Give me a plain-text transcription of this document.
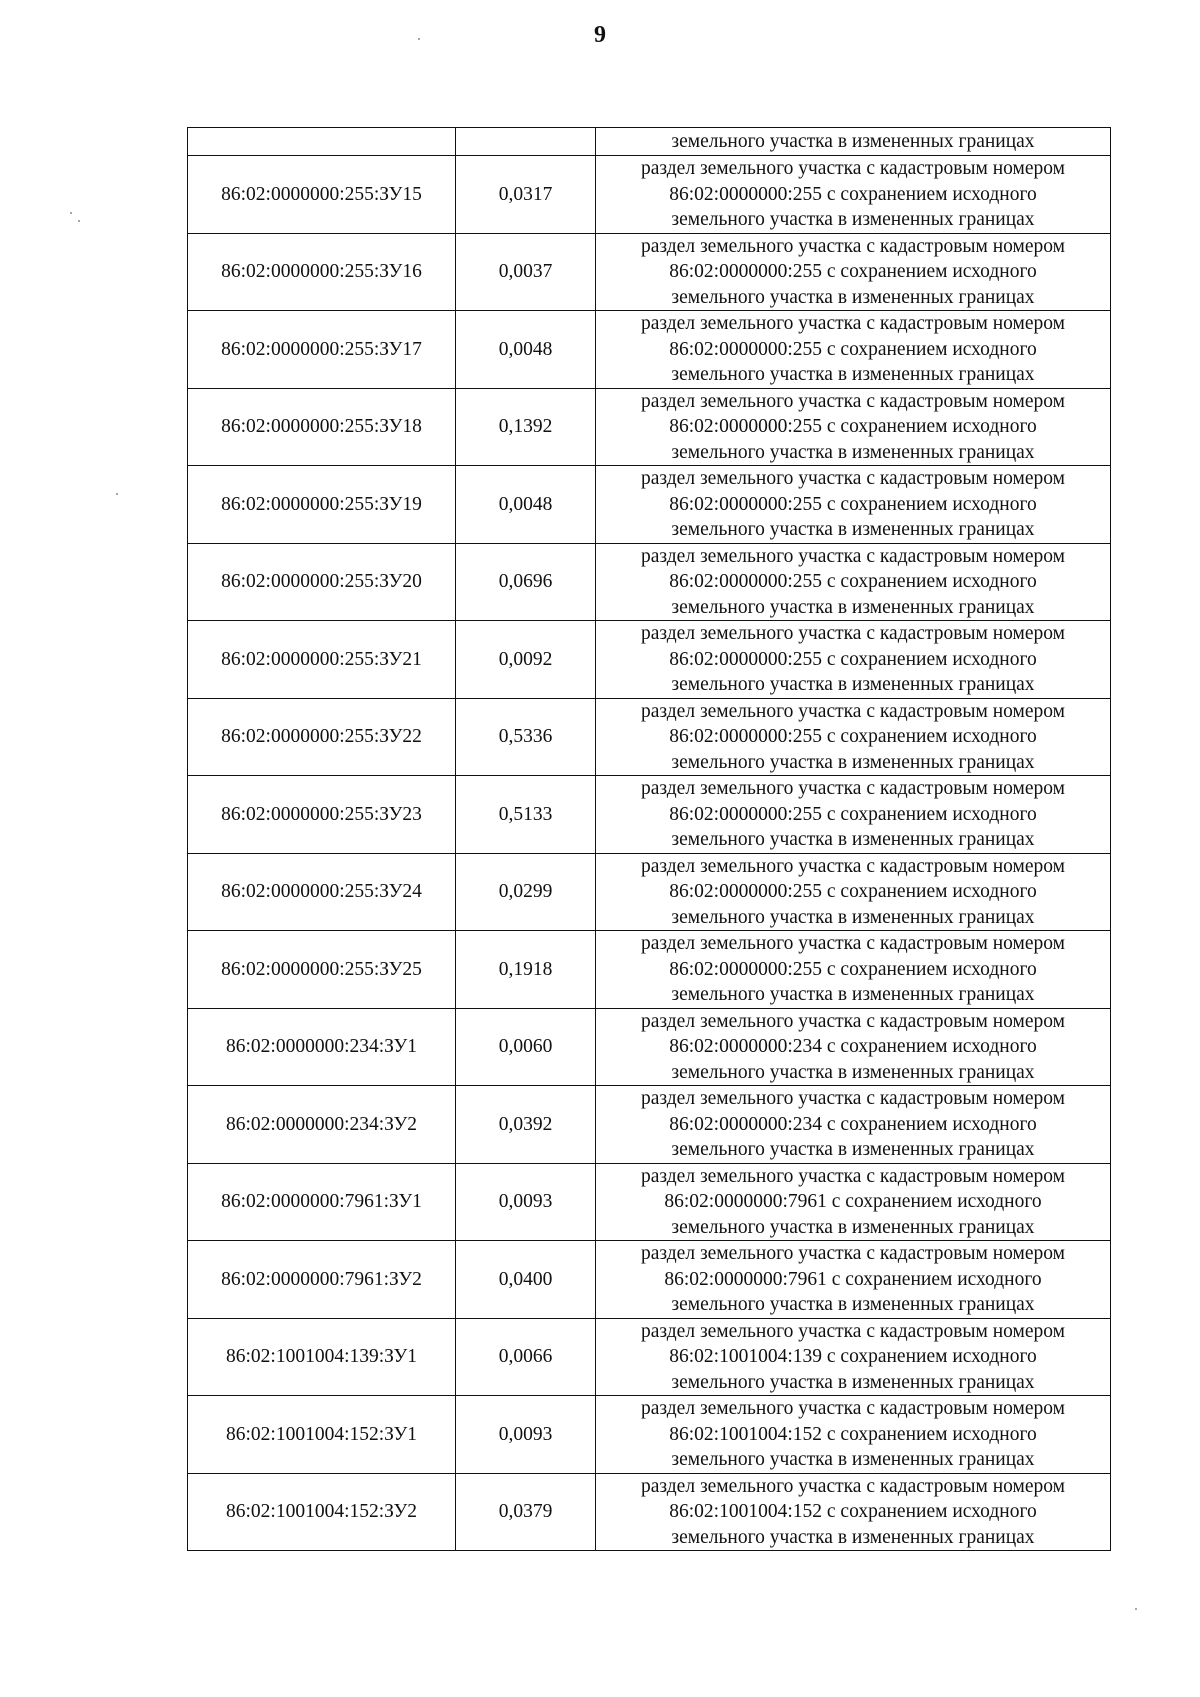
9
		земельного участка в измененных границах
86:02:0000000:255:ЗУ15	0,0317	раздел земельного участка с кадастровым номером
86:02:0000000:255 с сохранением исходного
земельного участка в измененных границах

86:02:0000000:255:ЗУ16	0,0037	раздел земельного участка с кадастровым номером
86:02:0000000:255 с сохранением исходного
земельного участка в измененных границах

86:02:0000000:255:ЗУ17	0,0048	раздел земельного участка с кадастровым номером
86:02:0000000:255 с сохранением исходного
земельного участка в измененных границах

86:02:0000000:255:ЗУ18	0,1392	раздел земельного участка с кадастровым номером
86:02:0000000:255 с сохранением исходного
земельного участка в измененных границах

86:02:0000000:255:ЗУ19	0,0048	раздел земельного участка с кадастровым номером
86:02:0000000:255 с сохранением исходного
земельного участка в измененных границах

86:02:0000000:255:ЗУ20	0,0696	раздел земельного участка с кадастровым номером
86:02:0000000:255 с сохранением исходного
земельного участка в измененных границах

86:02:0000000:255:ЗУ21	0,0092	раздел земельного участка с кадастровым номером
86:02:0000000:255 с сохранением исходного
земельного участка в измененных границах

86:02:0000000:255:ЗУ22	0,5336	раздел земельного участка с кадастровым номером
86:02:0000000:255 с сохранением исходного
земельного участка в измененных границах

86:02:0000000:255:ЗУ23	0,5133	раздел земельного участка с кадастровым номером
86:02:0000000:255 с сохранением исходного
земельного участка в измененных границах

86:02:0000000:255:ЗУ24	0,0299	раздел земельного участка с кадастровым номером
86:02:0000000:255 с сохранением исходного
земельного участка в измененных границах

86:02:0000000:255:ЗУ25	0,1918	раздел земельного участка с кадастровым номером
86:02:0000000:255 с сохранением исходного
земельного участка в измененных границах

86:02:0000000:234:ЗУ1	0,0060	раздел земельного участка с кадастровым номером
86:02:0000000:234 с сохранением исходного
земельного участка в измененных границах

86:02:0000000:234:ЗУ2	0,0392	раздел земельного участка с кадастровым номером
86:02:0000000:234 с сохранением исходного
земельного участка в измененных границах

86:02:0000000:7961:ЗУ1	0,0093	раздел земельного участка с кадастровым номером
86:02:0000000:7961 с сохранением исходного
земельного участка в измененных границах

86:02:0000000:7961:ЗУ2	0,0400	раздел земельного участка с кадастровым номером
86:02:0000000:7961 с сохранением исходного
земельного участка в измененных границах

86:02:1001004:139:ЗУ1	0,0066	раздел земельного участка с кадастровым номером
86:02:1001004:139 с сохранением исходного
земельного участка в измененных границах

86:02:1001004:152:ЗУ1	0,0093	раздел земельного участка с кадастровым номером
86:02:1001004:152 с сохранением исходного
земельного участка в измененных границах

86:02:1001004:152:ЗУ2	0,0379	раздел земельного участка с кадастровым номером
86:02:1001004:152 с сохранением исходного
земельного участка в измененных границах
